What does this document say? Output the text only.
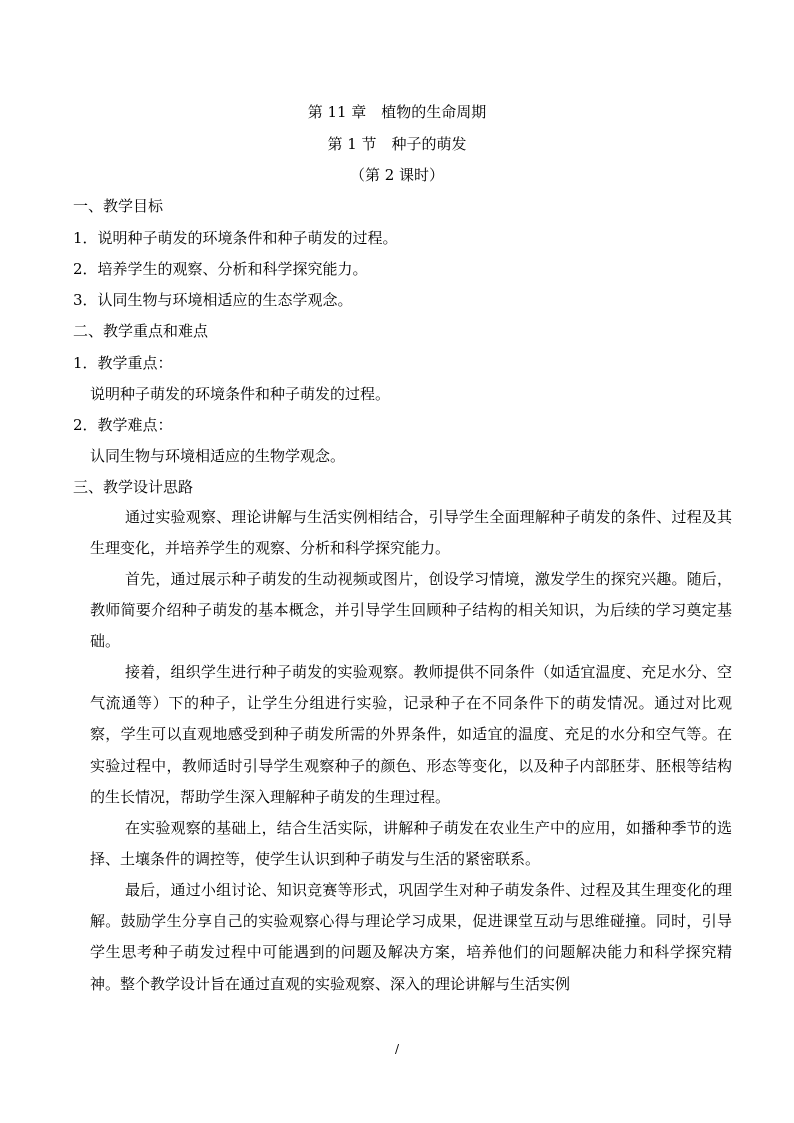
第 11 章　植物的生命周期
第 1 节　种子的萌发
（第 2 课时）
一、教学目标
1．说明种子萌发的环境条件和种子萌发的过程。
2．培养学生的观察、分析和科学探究能力。
3．认同生物与环境相适应的生态学观念。
二、教学重点和难点
1．教学重点：
说明种子萌发的环境条件和种子萌发的过程。
2．教学难点：
认同生物与环境相适应的生物学观念。
三、教学设计思路

通过实验观察、理论讲解与生活实例相结合，引导学生全面理解种子萌发的条件、过程及其生理变化，并培养学生的观察、分析和科学探究能力。

首先，通过展示种子萌发的生动视频或图片，创设学习情境，激发学生的探究兴趣。随后，教师简要介绍种子萌发的基本概念，并引导学生回顾种子结构的相关知识，为后续的学习奠定基础。

接着，组织学生进行种子萌发的实验观察。教师提供不同条件（如适宜温度、充足水分、空气流通等）下的种子，让学生分组进行实验，记录种子在不同条件下的萌发情况。通过对比观察，学生可以直观地感受到种子萌发所需的外界条件，如适宜的温度、充足的水分和空气等。在实验过程中，教师适时引导学生观察种子的颜色、形态等变化，以及种子内部胚芽、胚根等结构的生长情况，帮助学生深入理解种子萌发的生理过程。

在实验观察的基础上，结合生活实际，讲解种子萌发在农业生产中的应用，如播种季节的选择、土壤条件的调控等，使学生认识到种子萌发与生活的紧密联系。

最后，通过小组讨论、知识竞赛等形式，巩固学生对种子萌发条件、过程及其生理变化的理解。鼓励学生分享自己的实验观察心得与理论学习成果，促进课堂互动与思维碰撞。同时，引导学生思考种子萌发过程中可能遇到的问题及解决方案，培养他们的问题解决能力和科学探究精神。整个教学设计旨在通过直观的实验观察、深入的理论讲解与生活实例

/
